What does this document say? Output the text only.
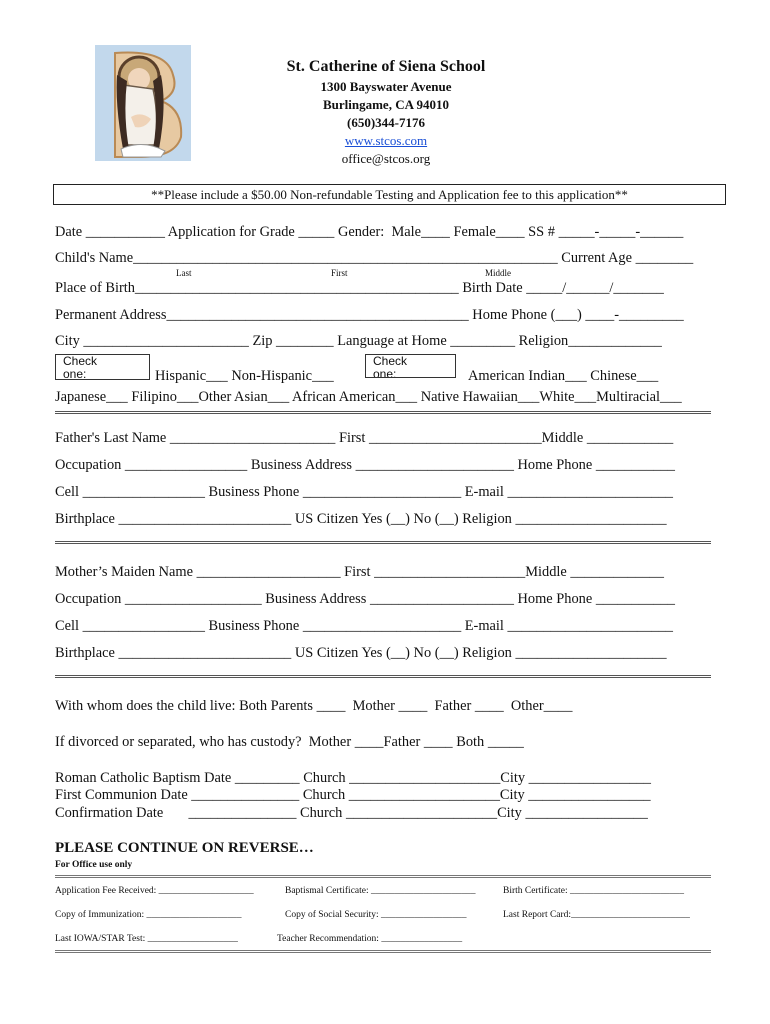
St. Catherine of Siena School
1300 Bayswater Avenue
Burlingame, CA 94010
(650)344-7176
www.stcos.com
office@stcos.org
**Please include a $50.00 Non-refundable Testing and Application fee to this application**
Date ___________ Application for Grade _____ Gender:  Male____ Female____ SS # _____-_____-______
Child's Name___________________________________________________________ Current Age ________
Last	First	Middle
Place of Birth_____________________________________________ Birth Date _____/______/_______
Permanent Address__________________________________________ Home Phone (___) ____-_________
City _______________________ Zip ________ Language at Home _________ Religion_____________
Check
one:	Hispanic___ Non-Hispanic___
Check
one:	American Indian___ Chinese___
Japanese___ Filipino___Other Asian___ African American___ Native Hawaiian___White___Multiracial___
Father's Last Name _______________________ First ________________________Middle ____________
Occupation _________________ Business Address ______________________ Home Phone ___________
Cell _________________ Business Phone ______________________ E-mail _______________________
Birthplace ________________________ US Citizen Yes (__) No (__) Religion _____________________
Mother’s Maiden Name ____________________ First _____________________Middle _____________
Occupation ___________________ Business Address ____________________ Home Phone ___________
Cell _________________ Business Phone ______________________ E-mail _______________________
Birthplace ________________________ US Citizen Yes (__) No (__) Religion _____________________
With whom does the child live: Both Parents ____  Mother ____  Father ____  Other____
If divorced or separated, who has custody?  Mother ____Father ____ Both _____
Roman Catholic Baptism Date _________ Church _____________________City _________________
First Communion Date _______________ Church _____________________City _________________
Confirmation Date       _______________ Church _____________________City _________________
PLEASE CONTINUE ON REVERSE…
For Office use only
Application Fee Received: ____________________	Baptismal Certificate: ______________________	Birth Certificate: ________________________
Copy of Immunization: ____________________	Copy of Social Security: __________________	Last Report Card:_________________________
Last IOWA/STAR Test: ___________________	Teacher Recommendation: _________________
